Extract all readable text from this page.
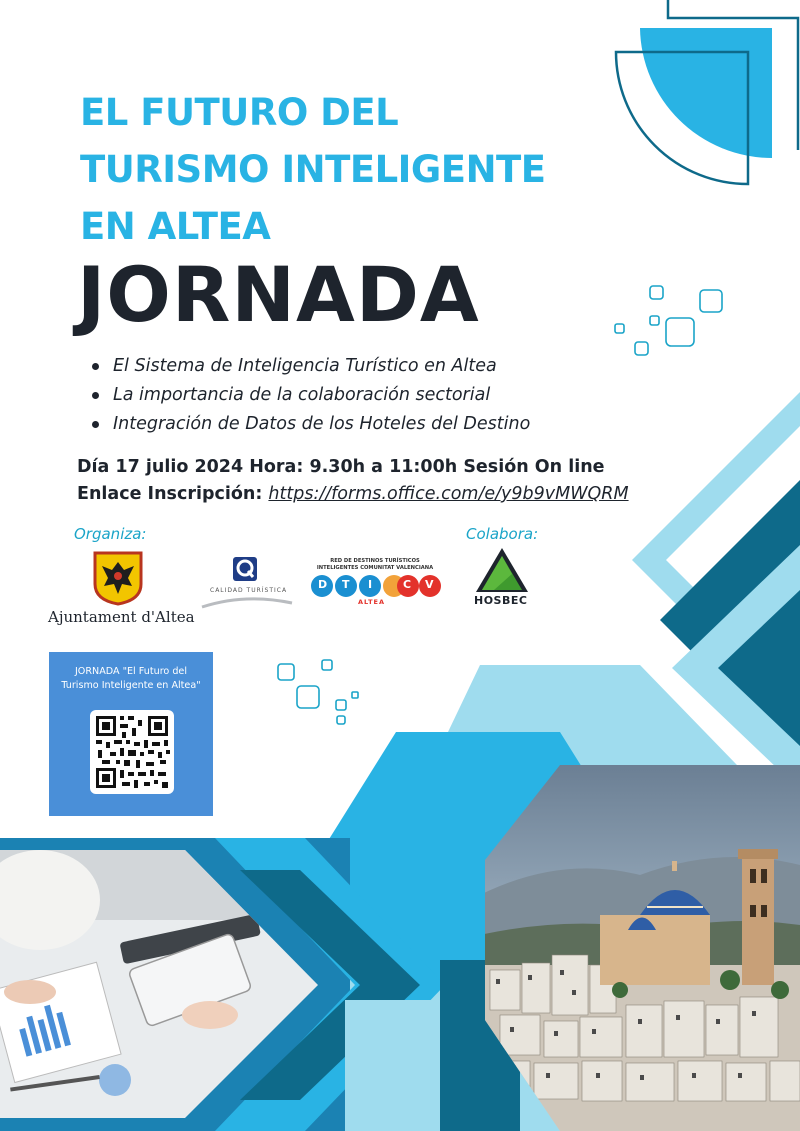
EL FUTURO DEL
TURISMO INTELIGENTE
EN ALTEA
JORNADA
El Sistema de Inteligencia Turístico en Altea
La importancia de la colaboración sectorial
Integración de Datos de los Hoteles del Destino
Día 17 julio 2024 Hora: 9.30h a 11:00h Sesión On line
Enlace Inscripción: https://forms.office.com/e/y9b9vMWQRM
Organiza:	Colabora:
Ajuntament d'Altea
CALIDAD TURÍSTICA
RED DE DESTINOS TURÍSTICOS INTELIGENTES COMUNITAT VALENCIANA
D T I	C V
ALTEA	HOSBEC
JORNADA "El Futuro del Turismo Inteligente en Altea"
